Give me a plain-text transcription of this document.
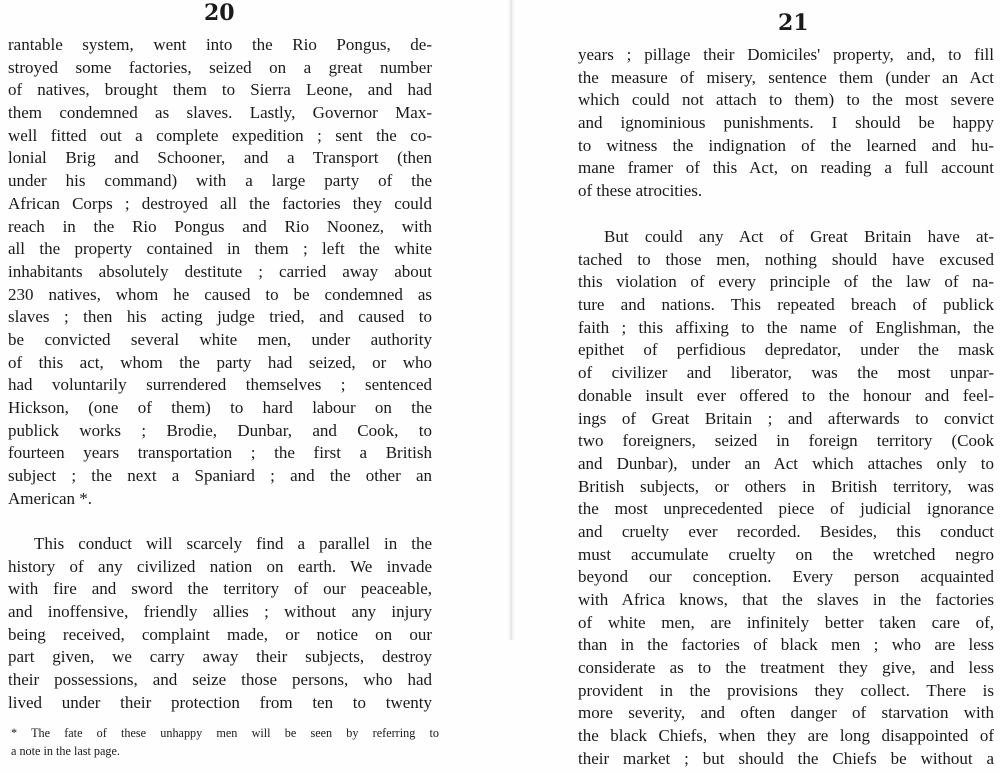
20
rantable system, went into the Rio Pongus, de-
stroyed some factories, seized on a great number
of natives, brought them to Sierra Leone, and had
them condemned as slaves. Lastly, Governor Max-
well fitted out a complete expedition ; sent the co-
lonial Brig and Schooner, and a Transport (then
under his command) with a large party of the
African Corps ; destroyed all the factories they could
reach in the Rio Pongus and Rio Noonez, with
all the property contained in them ; left the white
inhabitants absolutely destitute ; carried away about
230 natives, whom he caused to be condemned as
slaves ; then his acting judge tried, and caused to
be convicted several white men, under authority
of this act, whom the party had seized, or who
had voluntarily surrendered themselves ; sentenced
Hickson, (one of them) to hard labour on the
publick works ; Brodie, Dunbar, and Cook, to
fourteen years transportation ; the first a British
subject ; the next a Spaniard ; and the other an
American *.
This conduct will scarcely find a parallel in the
history of any civilized nation on earth. We invade
with fire and sword the territory of our peaceable,
and inoffensive, friendly allies ; without any injury
being received, complaint made, or notice on our
part given, we carry away their subjects, destroy
their possessions, and seize those persons, who had
lived under their protection from ten to twenty
* The fate of these unhappy men will be seen by referring to
a note in the last page.
21
years ; pillage their Domiciles' property, and, to fill
the measure of misery, sentence them (under an Act
which could not attach to them) to the most severe
and ignominious punishments. I should be happy
to witness the indignation of the learned and hu-
mane framer of this Act, on reading a full account
of these atrocities.
But could any Act of Great Britain have at-
tached to those men, nothing should have excused
this violation of every principle of the law of na-
ture and nations. This repeated breach of publick
faith ; this affixing to the name of Englishman, the
epithet of perfidious depredator, under the mask
of civilizer and liberator, was the most unpar-
donable insult ever offered to the honour and feel-
ings of Great Britain ; and afterwards to convict
two foreigners, seized in foreign territory (Cook
and Dunbar), under an Act which attaches only to
British subjects, or others in British territory, was
the most unprecedented piece of judicial ignorance
and cruelty ever recorded. Besides, this conduct
must accumulate cruelty on the wretched negro
beyond our conception. Every person acquainted
with Africa knows, that the slaves in the factories
of white men, are infinitely better taken care of,
than in the factories of black men ; who are less
considerate as to the treatment they give, and less
provident in the provisions they collect. There is
more severity, and often danger of starvation with
the black Chiefs, when they are long disappointed of
their market ; but should the Chiefs be without a
